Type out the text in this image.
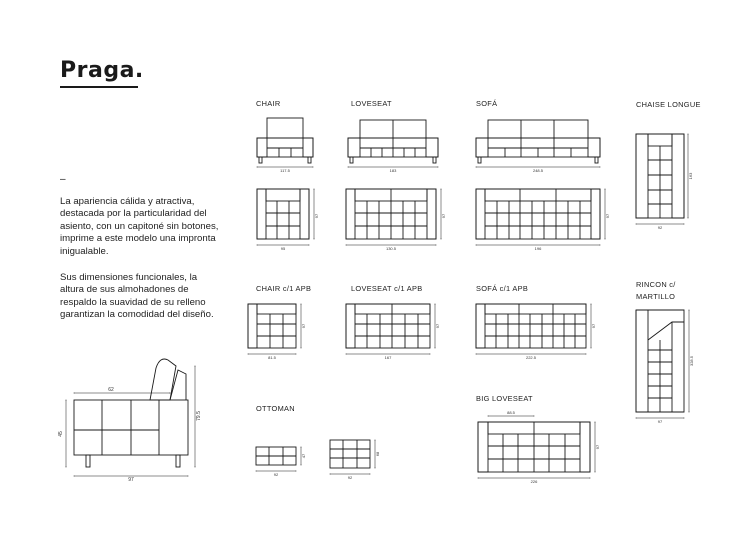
Praga.
–
La apariencia cálida y atractiva, destacada por la particularidad del asiento, con un capitoné sin botones, imprime a este modelo una impronta inigualable.
Sus dimensiones funcionales, la altura de sus almohadones de respaldo la suavidad de su relleno garantizan la comodidad del diseño.
CHAIR	LOVESEAT	SOFÁ	CHAISE LONGUE
CHAIR c/1 APB	LOVESEAT c/1 APB	SOFÁ c/1 APB	RINCON c/ MARTILLO
OTTOMAN
BIG LOVESEAT
117.5	183	248.5
95
97
130.5
97
196
97
92
163
81.5
97
167
97
222.5
97
97
328.5
62
97
45
79.5
92
47
92
68
88.5
226
97
